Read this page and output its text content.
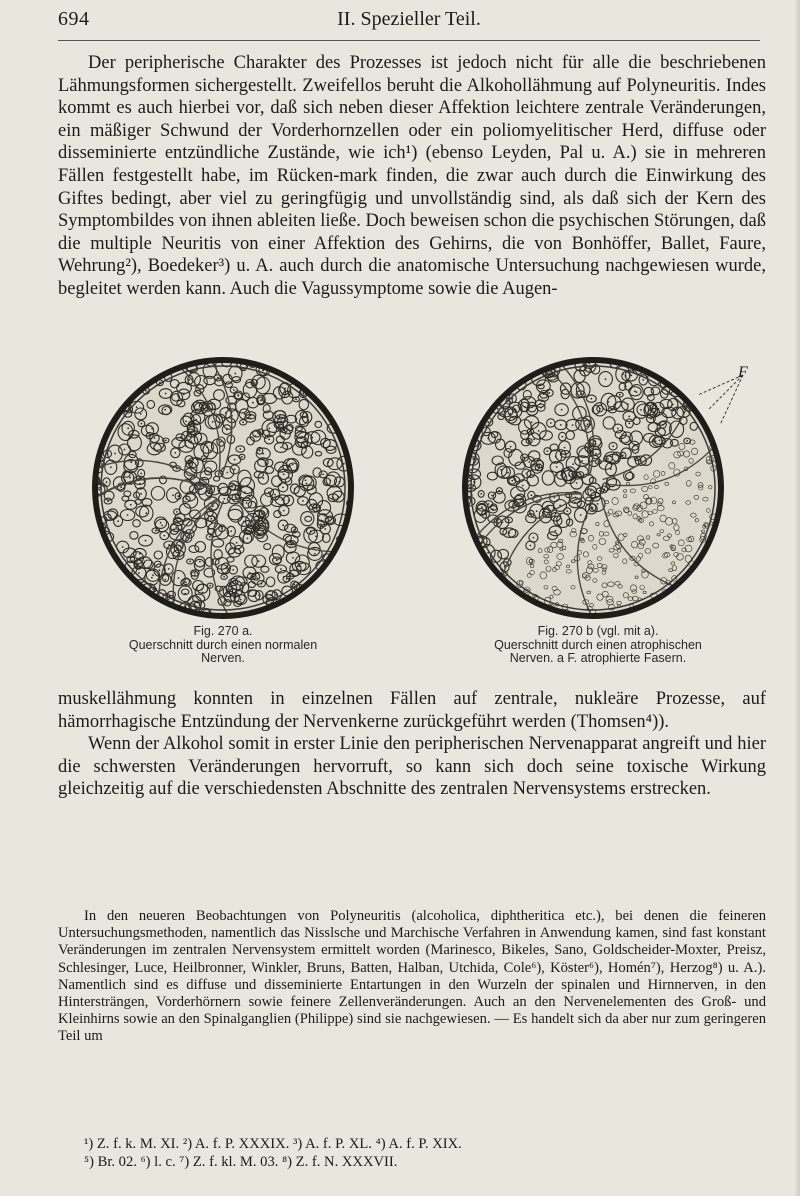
694	II. Spezieller Teil.

Der peripherische Charakter des Prozesses ist jedoch nicht für alle die beschriebenen Lähmungsformen sichergestellt. Zweifellos beruht die Alkohollähmung auf Polyneuritis. Indes kommt es auch hierbei vor, daß sich neben dieser Affektion leichtere zentrale Veränderungen, ein mäßiger Schwund der Vorderhornzellen oder ein poliomyelitischer Herd, diffuse oder disseminierte entzündliche Zustände, wie ich¹) (ebenso Leyden, Pal u. A.) sie in mehreren Fällen festgestellt habe, im Rücken-mark finden, die zwar auch durch die Einwirkung des Giftes bedingt, aber viel zu geringfügig und unvollständig sind, als daß sich der Kern des Symptombildes von ihnen ableiten ließe. Doch beweisen schon die psychischen Störungen, daß die multiple Neuritis von einer Affektion des Gehirns, die von Bonhöffer, Ballet, Faure, Wehrung²), Boedeker³) u. A. auch durch die anatomische Untersuchung nachgewiesen wurde, begleitet werden kann. Auch die Vagussymptome sowie die Augen-

F
Fig. 270 a.
Querschnitt durch einen normalen
Nerven.
Fig. 270 b (vgl. mit a).
Querschnitt durch einen atrophischen
Nerven. a F. atrophierte Fasern.

muskellähmung konnten in einzelnen Fällen auf zentrale, nukleäre Prozesse, auf hämorrhagische Entzündung der Nervenkerne zurückgeführt werden (Thomsen⁴)).

Wenn der Alkohol somit in erster Linie den peripherischen Nervenapparat angreift und hier die schwersten Veränderungen hervorruft, so kann sich doch seine toxische Wirkung gleichzeitig auf die verschiedensten Abschnitte des zentralen Nervensystems erstrecken.

In den neueren Beobachtungen von Polyneuritis (alcoholica, diphtheritica etc.), bei denen die feineren Untersuchungsmethoden, namentlich das Nisslsche und Marchische Verfahren in Anwendung kamen, sind fast konstant Veränderungen im zentralen Nervensystem ermittelt worden (Marinesco, Bikeles, Sano, Goldscheider-Moxter, Preisz, Schlesinger, Luce, Heilbronner, Winkler, Bruns, Batten, Halban, Utchida, Cole⁶), Köster⁶), Homén⁷), Herzog⁸) u. A.). Namentlich sind es diffuse und disseminierte Entartungen in den Wurzeln der spinalen und Hirnnerven, in den Hintersträngen, Vorderhörnern sowie feinere Zellenveränderungen. Auch an den Nervenelementen des Groß- und Kleinhirns sowie an den Spinalganglien (Philippe) sind sie nachgewiesen. — Es handelt sich da aber nur zum geringeren Teil um

¹) Z. f. k. M. XI. ²) A. f. P. XXXIX. ³) A. f. P. XL. ⁴) A. f. P. XIX.

⁵) Br. 02. ⁶) l. c. ⁷) Z. f. kl. M. 03. ⁸) Z. f. N. XXXVII.
